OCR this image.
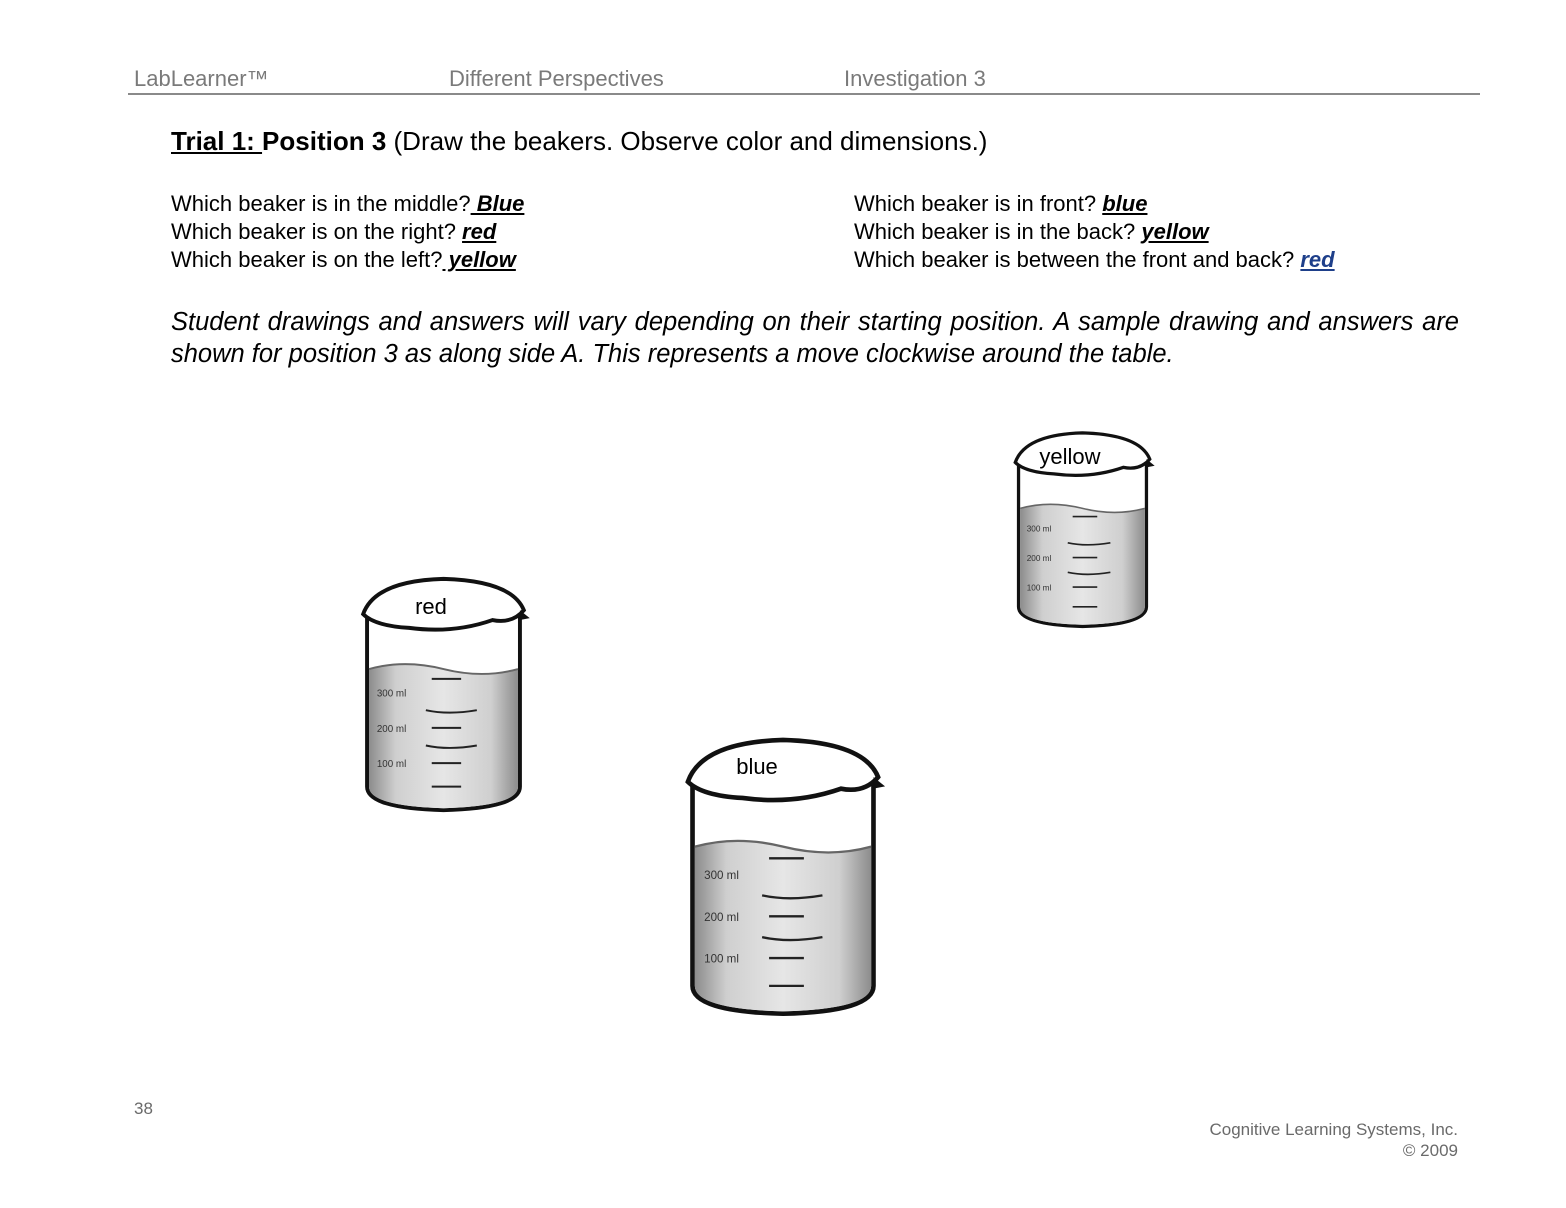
LabLearner™	Different Perspectives	Investigation 3
Trial 1: Position 3 (Draw the beakers. Observe color and dimensions.)
Which beaker is in the middle? Blue
Which beaker is on the right? red
Which beaker is on the left? yellow
Which beaker is in front? blue
Which beaker is in the back? yellow
Which beaker is between the front and back? red
Student drawings and answers will vary depending on their starting position. A sample drawing and answers are shown for position 3 as along side A. This represents a move clockwise around the table.
300 ml
200 ml
100 ml
yellow
300 ml
200 ml
100 ml
red
300 ml
200 ml
100 ml
blue
38
Cognitive Learning Systems, Inc.
© 2009
